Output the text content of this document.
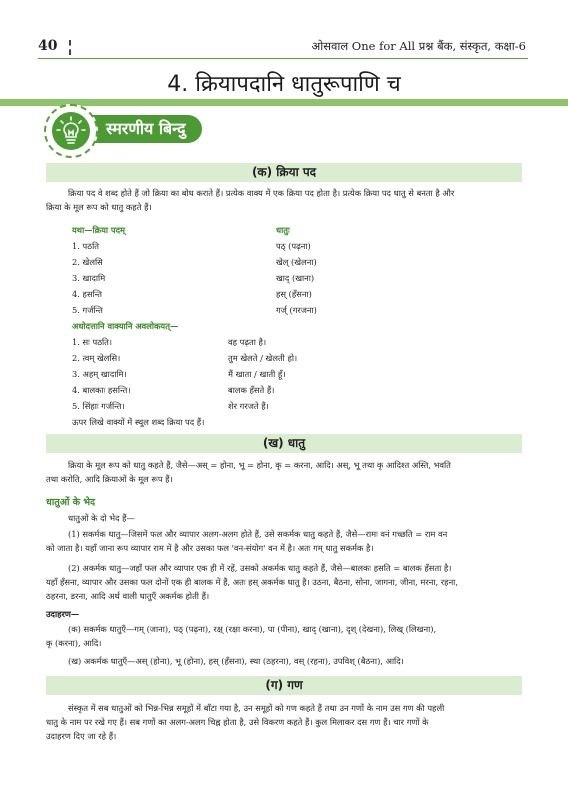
40	ओसवाल One for All प्रश्न बैंक, संस्कृत, कक्षा-6
4. क्रियापदानि धातुरूपाणि च
स्मरणीय बिन्दु
(क) क्रिया पद
क्रिया पद वे शब्द होते हैं जो क्रिया का बोध कराते हैं। प्रत्येक वाक्य में एक क्रिया पद होता है। प्रत्येक क्रिया पद धातु से बनता है और
क्रिया के मूल रूप को धातु कहते हैं।
यथा—क्रिया पदम्	धातुः
1. पठति	पठ् (पढ़ना)
2. खेलसि	खेल् (खेलना)
3. खादामि	खाद् (खाना)
4. हसन्ति	हस् (हँसना)
5. गर्जन्ति	गर्ज् (गरजना)
अधोदत्तानि वाक्यानि अवलोकयत्—
1. सः पठति।	वह पढ़ता है।
2. त्वम् खेलसि।	तुम खेलते / खेलती हो।
3. अहम् खादामि।	मैं खाता / खाती हूँ।
4. बालकाः हसन्ति।	बालक हँसते हैं।
5. सिंहाः गर्जन्ति।	शेर गरजते हैं।
ऊपर लिखे वाक्यों में स्थूल शब्द क्रिया पद हैं।
(ख) धातु
क्रिया के मूल रूप को धातु कहते हैं, जैसे—अस् = होना, भू = होना, कृ = करना, आदि। अस्, भू तथा कृ आदिश्त अस्ति, भवति
तथा करोति, आदि क्रियाओं के मूल रूप हैं।
धातुओं के भेद
धातुओं के दो भेद हैं—
(1) सकर्मक धातु—जिसमें फल और व्यापार अलग-अलग होते हैं, उसे सकर्मक धातु कहते हैं, जैसे—रामः वनं गच्छति = राम वन
को जाता है। यहाँ जाना रूप व्यापार राम में है और उसका फल 'वन-संयोग' वन में है। अतः गम् धातु सकर्मक है।
(2) अकर्मक धातु—जहाँ फल और व्यापार एक ही में रहें, उसको अकर्मक धातु कहते हैं, जैसे—बालकः हसति = बालक हँसता है।
यहाँ हँसना, व्यापार और उसका फल दोनों एक ही बालक में हैं, अतः हस् अकर्मक धातु है। उठना, बैठना, सोना, जागना, जीना, मरना, रहना,
ठहरना, डरना, आदि अर्थ वाली धातुएँ अकर्मक होती हैं।
उदाहरण—
(क) सकर्मक धातुएँ—गम् (जाना), पठ् (पढ़ना), रक्ष् (रक्षा करना), पा (पीना), खाद् (खाना), दृश् (देखना), लिख् (लिखना),
कृ (करना), आदि।
(ख) अकर्मक धातुएँ—अस् (होना), भू (होना), हस् (हँसना), स्था (ठहरना), वस् (रहना), उपविश् (बैठना), आदि।
(ग) गण
संस्कृत में सब धातुओं को भिन्न-भिन्न समूहों में बाँटा गया है, उन समूहों को गण कहते हैं तथा उन गणों के नाम उस गण की पहली
धातु के नाम पर रखे गए हैं। सब गणों का अलग-अलग चिह्न होता है, उसे विकरण कहते हैं। कुल मिलाकर दस गण हैं। चार गणों के
उदाहरण दिए जा रहे हैं।
